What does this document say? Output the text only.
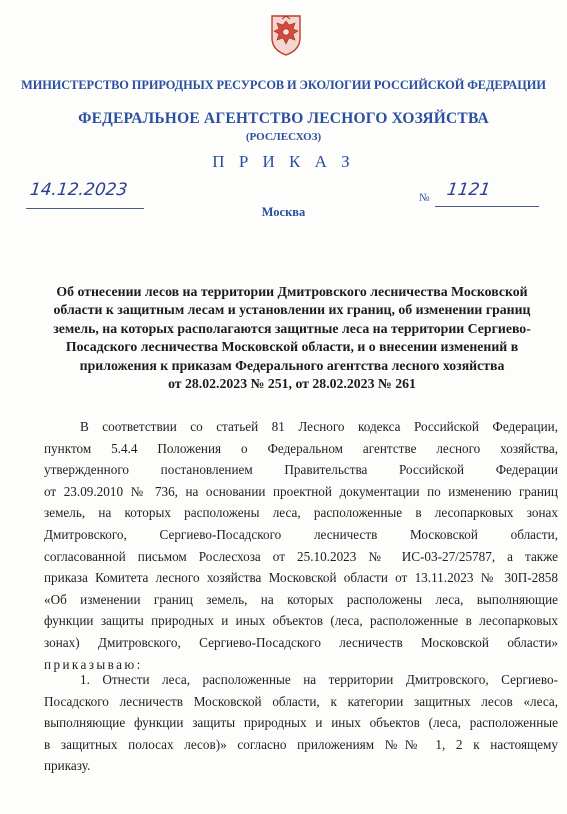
МИНИСТЕРСТВО ПРИРОДНЫХ РЕСУРСОВ И ЭКОЛОГИИ РОССИЙСКОЙ ФЕДЕРАЦИИ
ФЕДЕРАЛЬНОЕ АГЕНТСТВО ЛЕСНОГО ХОЗЯЙСТВА
(РОСЛЕСХОЗ)
П Р И К А З
14.12.2023	№ 1121
Москва
Об отнесении лесов на территории Дмитровского лесничества Московской
области к защитным лесам и установлении их границ, об изменении границ
земель, на которых располагаются защитные леса на территории Сергиево-
Посадского лесничества Московской области, и о внесении изменений в
приложения к приказам Федерального агентства лесного хозяйства
от 28.02.2023 № 251, от 28.02.2023 № 261
В соответствии со статьей 81 Лесного кодекса Российской Федерации,
пунктом 5.4.4 Положения о Федеральном агентстве лесного хозяйства,
утвержденного постановлением Правительства Российской Федерации
от 23.09.2010 № 736, на основании проектной документации по изменению границ
земель, на которых расположены леса, расположенные в лесопарковых зонах
Дмитровского, Сергиево-Посадского лесничеств Московской области,
согласованной письмом Рослесхоза от 25.10.2023 № ИС-03-27/25787, а также
приказа Комитета лесного хозяйства Московской области от 13.11.2023 № 30П-2858
«Об изменении границ земель, на которых расположены леса, выполняющие
функции защиты природных и иных объектов (леса, расположенные в лесопарковых
зонах) Дмитровского, Сергиево-Посадского лесничеств Московской области»
приказываю:
1. Отнести леса, расположенные на территории Дмитровского, Сергиево-
Посадского лесничеств Московской области, к категории защитных лесов «леса,
выполняющие функции защиты природных и иных объектов (леса, расположенные
в защитных полосах лесов)» согласно приложениям №№ 1, 2 к настоящему
приказу.
